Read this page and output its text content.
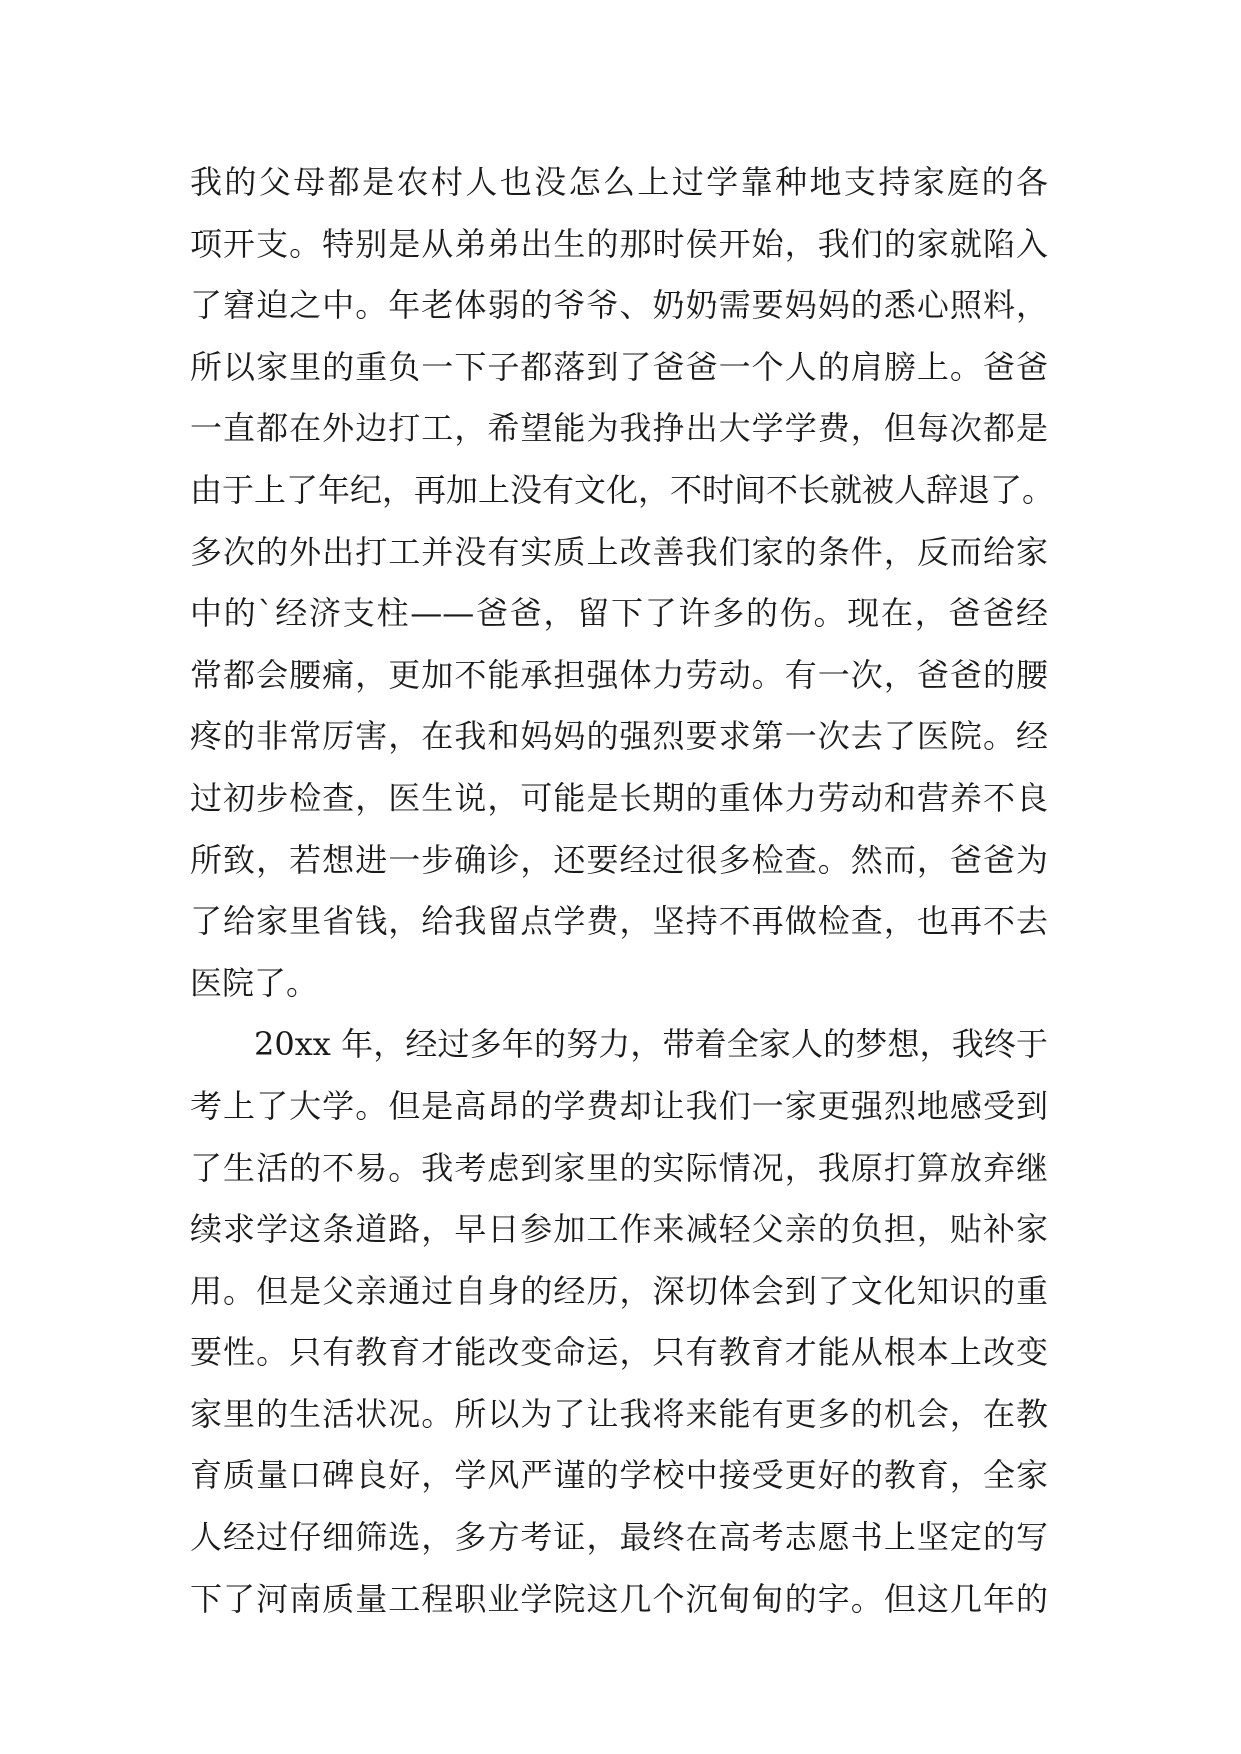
我的父母都是农村人也没怎么上过学靠种地支持家庭的各
项开支。特别是从弟弟出生的那时侯开始，我们的家就陷入
了窘迫之中。年老体弱的爷爷、奶奶需要妈妈的悉心照料，
所以家里的重负一下子都落到了爸爸一个人的肩膀上。爸爸
一直都在外边打工，希望能为我挣出大学学费，但每次都是
由于上了年纪，再加上没有文化，不时间不长就被人辞退了。
多次的外出打工并没有实质上改善我们家的条件，反而给家
中的`经济支柱——爸爸，留下了许多的伤。现在，爸爸经
常都会腰痛，更加不能承担强体力劳动。有一次，爸爸的腰
疼的非常厉害，在我和妈妈的强烈要求第一次去了医院。经
过初步检查，医生说，可能是长期的重体力劳动和营养不良
所致，若想进一步确诊，还要经过很多检查。然而，爸爸为
了给家里省钱，给我留点学费，坚持不再做检查，也再不去
医院了。
20xx 年，经过多年的努力，带着全家人的梦想，我终于
考上了大学。但是高昂的学费却让我们一家更强烈地感受到
了生活的不易。我考虑到家里的实际情况，我原打算放弃继
续求学这条道路，早日参加工作来减轻父亲的负担，贴补家
用。但是父亲通过自身的经历，深切体会到了文化知识的重
要性。只有教育才能改变命运，只有教育才能从根本上改变
家里的生活状况。所以为了让我将来能有更多的机会，在教
育质量口碑良好，学风严谨的学校中接受更好的教育，全家
人经过仔细筛选，多方考证，最终在高考志愿书上坚定的写
下了河南质量工程职业学院这几个沉甸甸的字。但这几年的
